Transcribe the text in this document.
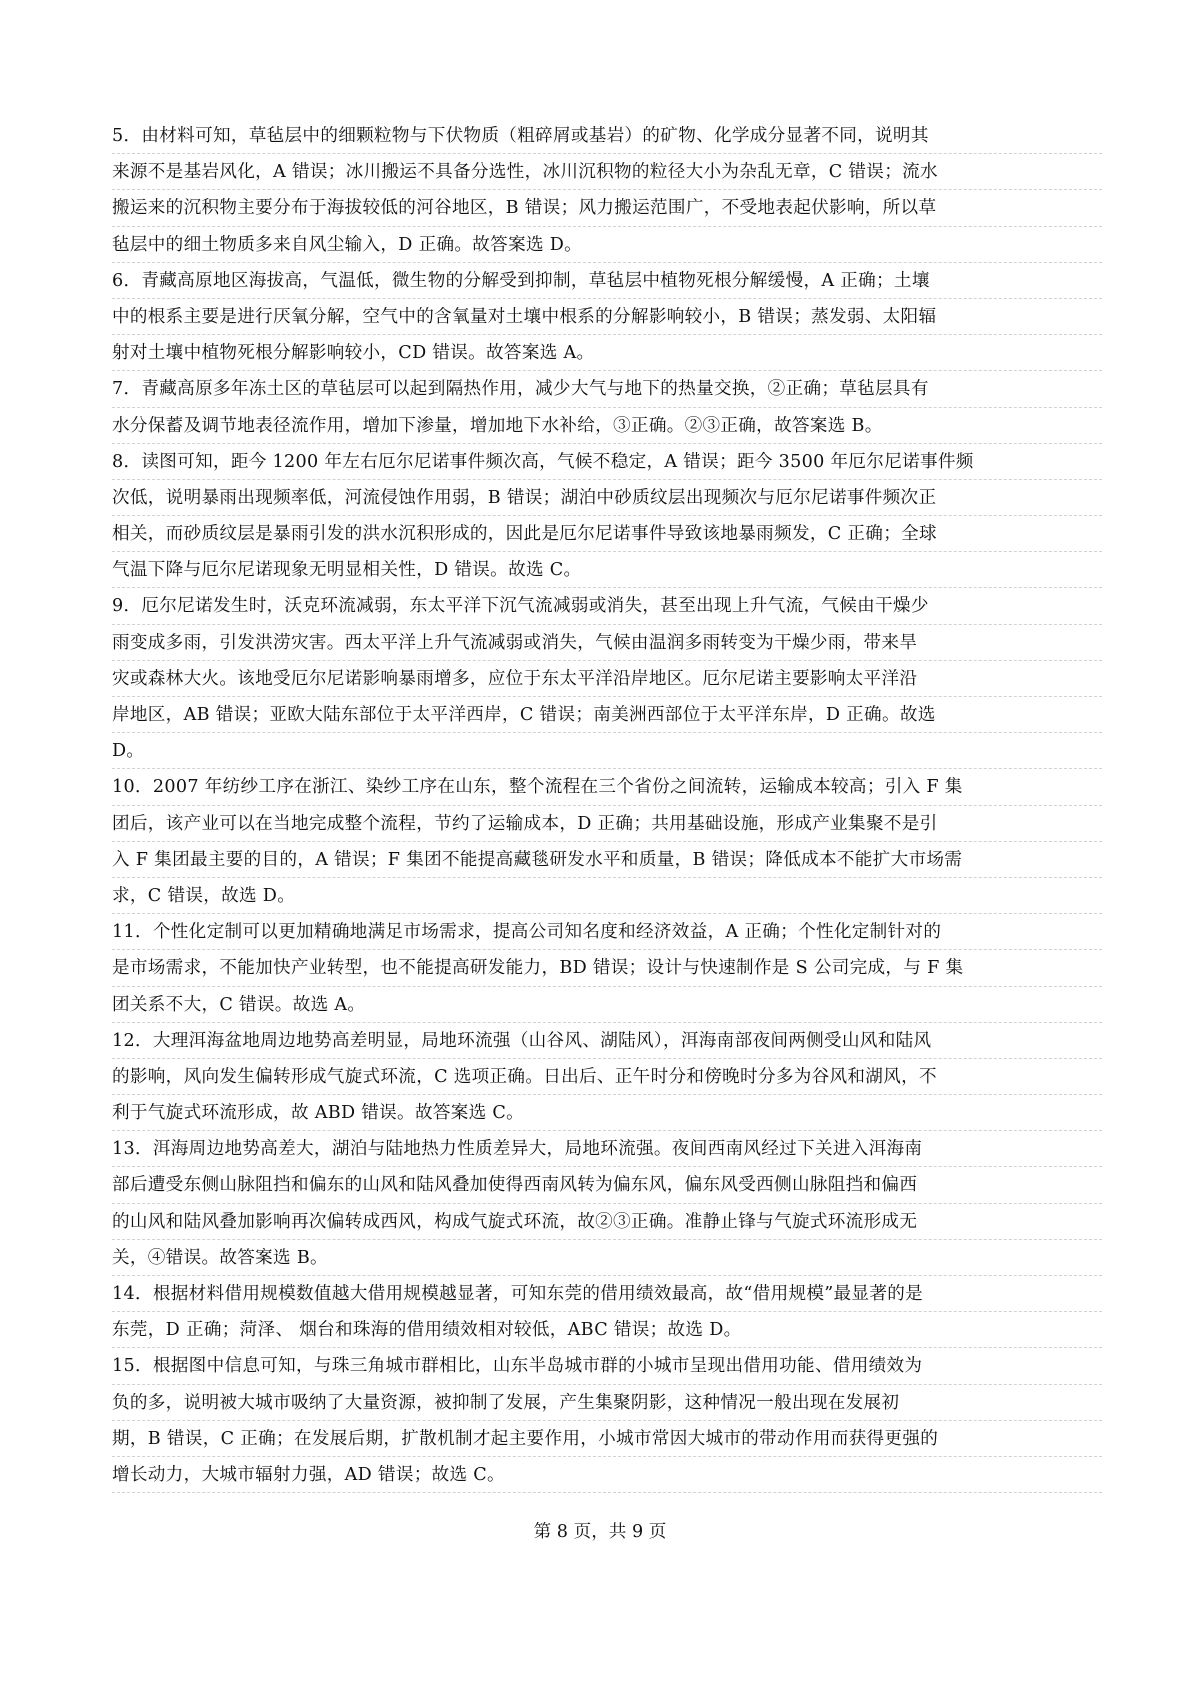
5．由材料可知，草毡层中的细颗粒物与下伏物质（粗碎屑或基岩）的矿物、化学成分显著不同，说明其
来源不是基岩风化，A 错误；冰川搬运不具备分选性，冰川沉积物的粒径大小为杂乱无章，C 错误；流水
搬运来的沉积物主要分布于海拔较低的河谷地区，B 错误；风力搬运范围广，不受地表起伏影响，所以草
毡层中的细土物质多来自风尘输入，D 正确。故答案选 D。
6．青藏高原地区海拔高，气温低，微生物的分解受到抑制，草毡层中植物死根分解缓慢，A 正确；土壤
中的根系主要是进行厌氧分解，空气中的含氧量对土壤中根系的分解影响较小，B 错误；蒸发弱、太阳辐
射对土壤中植物死根分解影响较小，CD 错误。故答案选 A。
7．青藏高原多年冻土区的草毡层可以起到隔热作用，减少大气与地下的热量交换，②正确；草毡层具有
水分保蓄及调节地表径流作用，增加下渗量，增加地下水补给，③正确。②③正确，故答案选 B。
8．读图可知，距今 1200 年左右厄尔尼诺事件频次高，气候不稳定，A 错误；距今 3500 年厄尔尼诺事件频
次低，说明暴雨出现频率低，河流侵蚀作用弱，B 错误；湖泊中砂质纹层出现频次与厄尔尼诺事件频次正
相关，而砂质纹层是暴雨引发的洪水沉积形成的，因此是厄尔尼诺事件导致该地暴雨频发，C 正确；全球
气温下降与厄尔尼诺现象无明显相关性，D 错误。故选 C。
9．厄尔尼诺发生时，沃克环流减弱，东太平洋下沉气流减弱或消失，甚至出现上升气流，气候由干燥少
雨变成多雨，引发洪涝灾害。西太平洋上升气流减弱或消失，气候由温润多雨转变为干燥少雨，带来旱
灾或森林大火。该地受厄尔尼诺影响暴雨增多，应位于东太平洋沿岸地区。厄尔尼诺主要影响太平洋沿
岸地区，AB 错误；亚欧大陆东部位于太平洋西岸，C 错误；南美洲西部位于太平洋东岸，D 正确。故选
D。
10．2007 年纺纱工序在浙江、染纱工序在山东，整个流程在三个省份之间流转，运输成本较高；引入 F 集
团后，该产业可以在当地完成整个流程，节约了运输成本，D 正确；共用基础设施，形成产业集聚不是引
入 F 集团最主要的目的，A 错误；F 集团不能提高藏毯研发水平和质量，B 错误；降低成本不能扩大市场需
求，C 错误，故选 D。
11．个性化定制可以更加精确地满足市场需求，提高公司知名度和经济效益，A 正确；个性化定制针对的
是市场需求，不能加快产业转型，也不能提高研发能力，BD 错误；设计与快速制作是 S 公司完成，与 F 集
团关系不大，C 错误。故选 A。
12．大理洱海盆地周边地势高差明显，局地环流强（山谷风、湖陆风），洱海南部夜间两侧受山风和陆风
的影响，风向发生偏转形成气旋式环流，C 选项正确。日出后、正午时分和傍晚时分多为谷风和湖风，不
利于气旋式环流形成，故 ABD 错误。故答案选 C。
13．洱海周边地势高差大，湖泊与陆地热力性质差异大，局地环流强。夜间西南风经过下关进入洱海南
部后遭受东侧山脉阻挡和偏东的山风和陆风叠加使得西南风转为偏东风，偏东风受西侧山脉阻挡和偏西
的山风和陆风叠加影响再次偏转成西风，构成气旋式环流，故②③正确。准静止锋与气旋式环流形成无
关，④错误。故答案选 B。
14．根据材料借用规模数值越大借用规模越显著，可知东莞的借用绩效最高，故“借用规模”最显著的是
东莞，D 正确；菏泽、 烟台和珠海的借用绩效相对较低，ABC 错误；故选 D。
15．根据图中信息可知，与珠三角城市群相比，山东半岛城市群的小城市呈现出借用功能、借用绩效为
负的多，说明被大城市吸纳了大量资源，被抑制了发展，产生集聚阴影，这种情况一般出现在发展初
期，B 错误，C 正确；在发展后期，扩散机制才起主要作用，小城市常因大城市的带动作用而获得更强的
增长动力，大城市辐射力强，AD 错误；故选 C。
第 8 页，共 9 页
